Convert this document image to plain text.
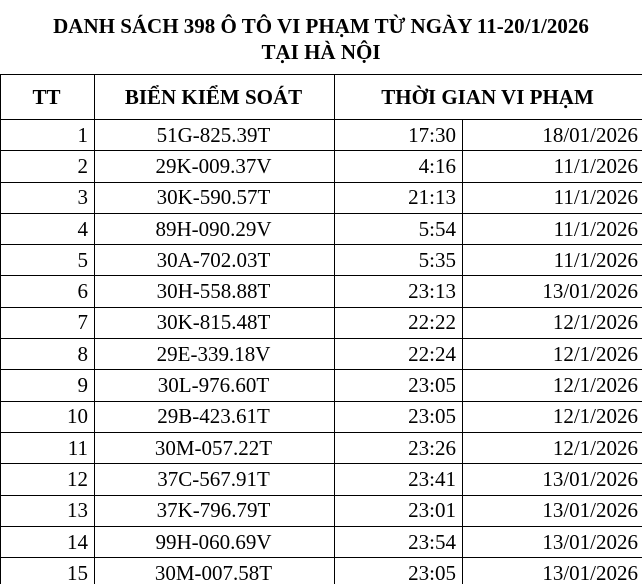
DANH SÁCH 398 Ô TÔ VI PHẠM TỪ NGÀY 11-20/1/2026
TẠI HÀ NỘI
TT	BIỂN KIỂM SOÁT	THỜI GIAN VI PHẠM	
1	51G-825.39T	17:30	18/01/2026
2	29K-009.37V	4:16	11/1/2026
3	30K-590.57T	21:13	11/1/2026
4	89H-090.29V	5:54	11/1/2026
5	30A-702.03T	5:35	11/1/2026
6	30H-558.88T	23:13	13/01/2026
7	30K-815.48T	22:22	12/1/2026
8	29E-339.18V	22:24	12/1/2026
9	30L-976.60T	23:05	12/1/2026
10	29B-423.61T	23:05	12/1/2026
11	30M-057.22T	23:26	12/1/2026
12	37C-567.91T	23:41	13/01/2026
13	37K-796.79T	23:01	13/01/2026
14	99H-060.69V	23:54	13/01/2026
15	30M-007.58T	23:05	13/01/2026
